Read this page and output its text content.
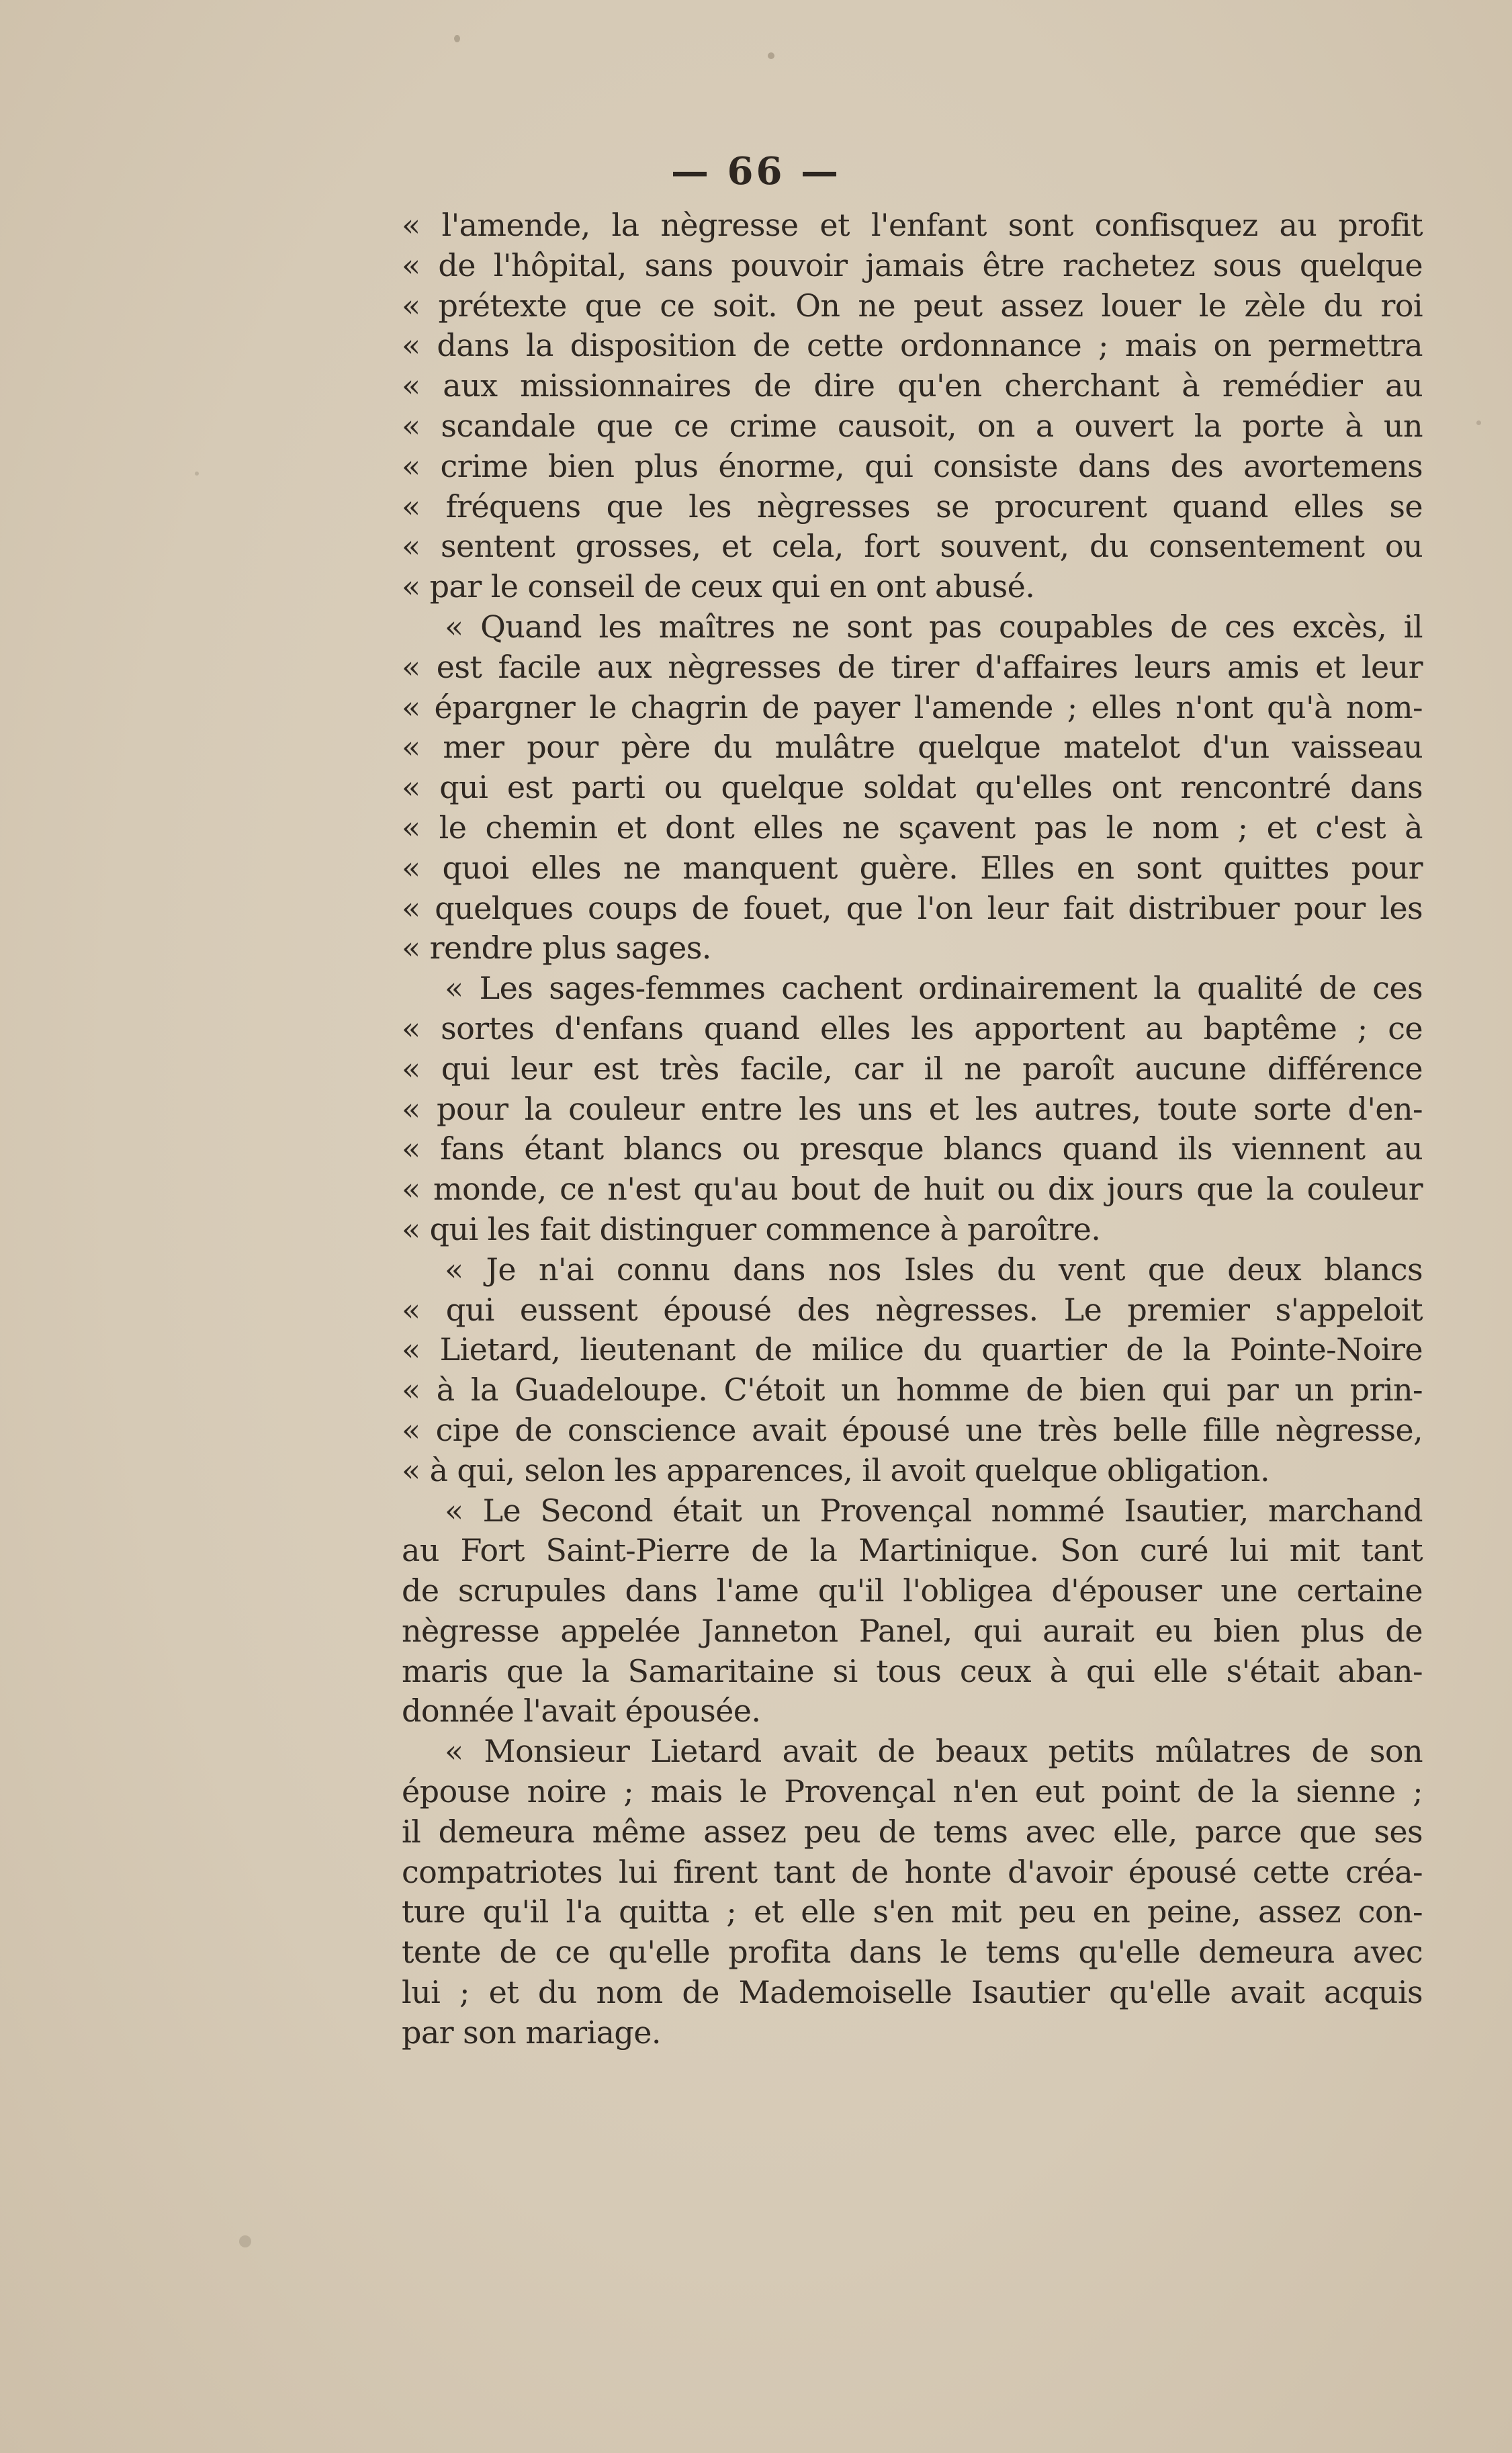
— 66 —
« l'amende, la nègresse et l'enfant sont confisquez au profit
« de l'hôpital, sans pouvoir jamais être rachetez sous quelque
« prétexte que ce soit. On ne peut assez louer le zèle du roi
« dans la disposition de cette ordonnance ; mais on permettra
« aux missionnaires de dire qu'en cherchant à remédier au
« scandale que ce crime causoit, on a ouvert la porte à un
« crime bien plus énorme, qui consiste dans des avortemens
« fréquens que les nègresses se procurent quand elles se
« sentent grosses, et cela, fort souvent, du consentement ou
« par le conseil de ceux qui en ont abusé.
« Quand les maîtres ne sont pas coupables de ces excès, il
« est facile aux nègresses de tirer d'affaires leurs amis et leur
« épargner le chagrin de payer l'amende ; elles n'ont qu'à nom-
« mer pour père du mulâtre quelque matelot d'un vaisseau
« qui est parti ou quelque soldat qu'elles ont rencontré dans
« le chemin et dont elles ne sçavent pas le nom ; et c'est à
« quoi elles ne manquent guère. Elles en sont quittes pour
« quelques coups de fouet, que l'on leur fait distribuer pour les
« rendre plus sages.
« Les sages-femmes cachent ordinairement la qualité de ces
« sortes d'enfans quand elles les apportent au baptême ; ce
« qui leur est très facile, car il ne paroît aucune différence
« pour la couleur entre les uns et les autres, toute sorte d'en-
« fans étant blancs ou presque blancs quand ils viennent au
« monde, ce n'est qu'au bout de huit ou dix jours que la couleur
« qui les fait distinguer commence à paroître.
« Je n'ai connu dans nos Isles du vent que deux blancs
« qui eussent épousé des nègresses. Le premier s'appeloit
« Lietard, lieutenant de milice du quartier de la Pointe-Noire
« à la Guadeloupe. C'étoit un homme de bien qui par un prin-
« cipe de conscience avait épousé une très belle fille nègresse,
« à qui, selon les apparences, il avoit quelque obligation.
« Le Second était un Provençal nommé Isautier, marchand
au Fort Saint-Pierre de la Martinique. Son curé lui mit tant
de scrupules dans l'ame qu'il l'obligea d'épouser une certaine
nègresse appelée Janneton Panel, qui aurait eu bien plus de
maris que la Samaritaine si tous ceux à qui elle s'était aban-
donnée l'avait épousée.
« Monsieur Lietard avait de beaux petits mûlatres de son
épouse noire ; mais le Provençal n'en eut point de la sienne ;
il demeura même assez peu de tems avec elle, parce que ses
compatriotes lui firent tant de honte d'avoir épousé cette créa-
ture qu'il l'a quitta ; et elle s'en mit peu en peine, assez con-
tente de ce qu'elle profita dans le tems qu'elle demeura avec
lui ; et du nom de Mademoiselle Isautier qu'elle avait acquis
par son mariage.
